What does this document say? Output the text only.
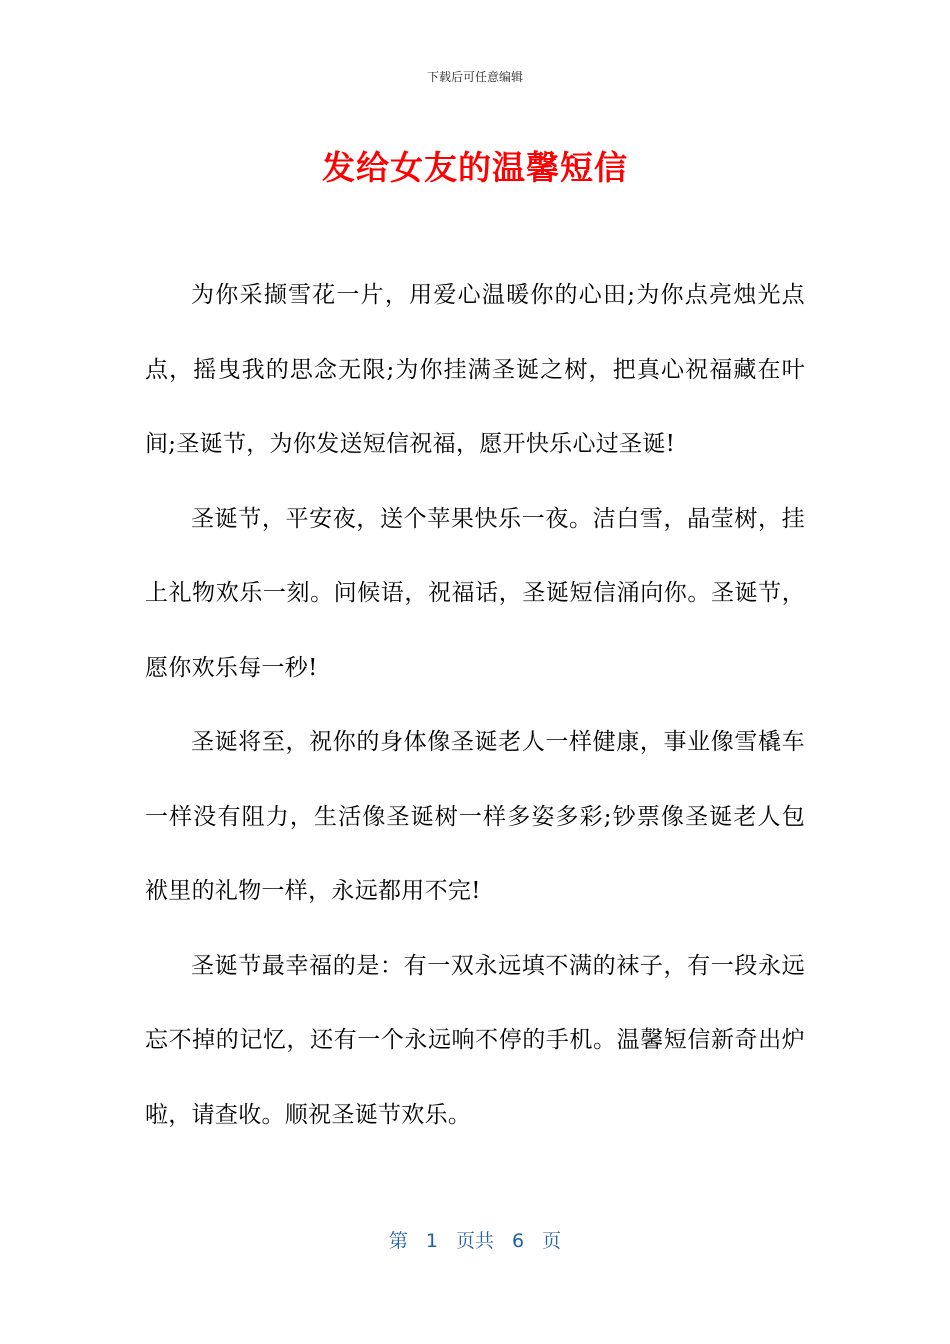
下载后可任意编辑
发给女友的温馨短信

为你采撷雪花一片，用爱心温暖你的心田;为你点亮烛光点点，摇曳我的思念无限;为你挂满圣诞之树，把真心祝福藏在叶间;圣诞节，为你发送短信祝福，愿开快乐心过圣诞!

圣诞节，平安夜，送个苹果快乐一夜。洁白雪，晶莹树，挂上礼物欢乐一刻。问候语，祝福话，圣诞短信涌向你。圣诞节，愿你欢乐每一秒!

圣诞将至，祝你的身体像圣诞老人一样健康，事业像雪橇车一样没有阻力，生活像圣诞树一样多姿多彩;钞票像圣诞老人包袱里的礼物一样，永远都用不完!

圣诞节最幸福的是：有一双永远填不满的袜子，有一段永远忘不掉的记忆，还有一个永远响不停的手机。温馨短信新奇出炉啦，请查收。顺祝圣诞节欢乐。

第 1 页共 6 页
